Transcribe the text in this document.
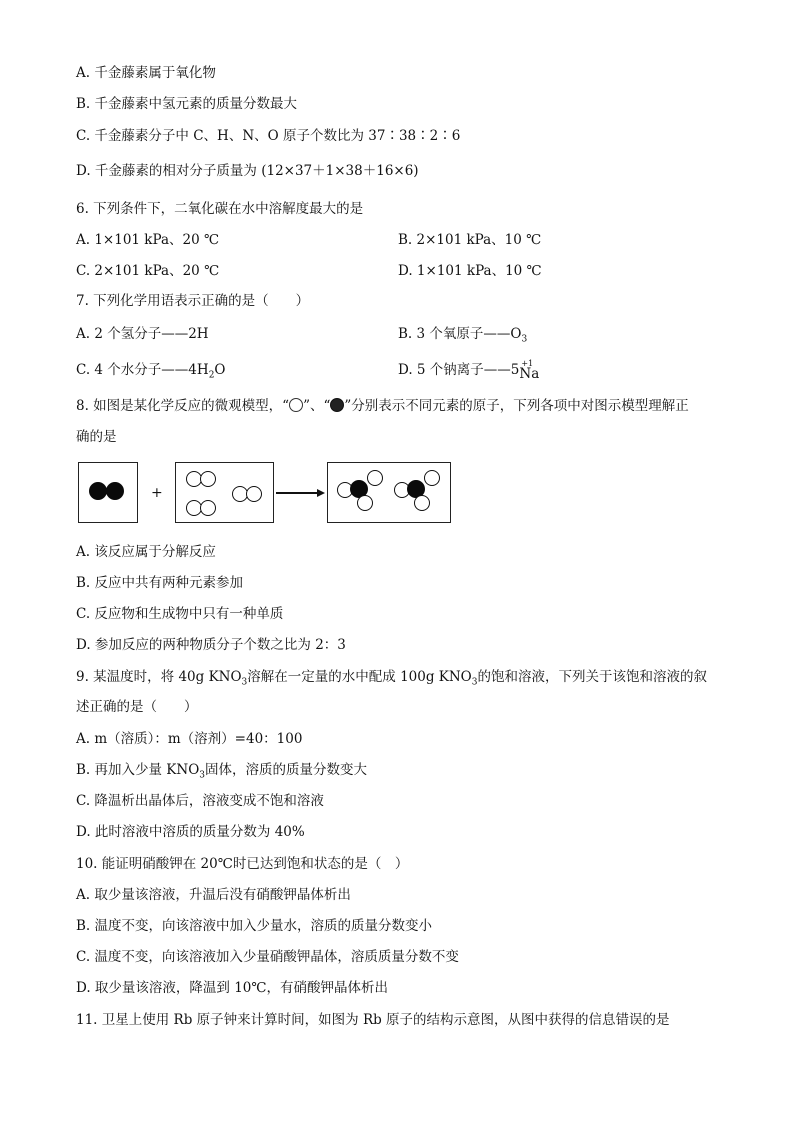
A. 千金藤素属于氧化物
B. 千金藤素中氢元素的质量分数最大
C. 千金藤素分子中 C、H、N、O 原子个数比为 37∶38∶2∶6
D. 千金藤素的相对分子质量为 (12×37＋1×38＋16×6)
6. 下列条件下，二氧化碳在水中溶解度最大的是
A. 1×101 kPa、20 ℃	B. 2×101 kPa、10 ℃
C. 2×101 kPa、20 ℃	D. 1×101 kPa、10 ℃
7. 下列化学用语表示正确的是（　　）
A. 2 个氢分子——2H	B. 3 个氧原子$——O_3$
C. 4 个水分子$——4H_2O$	D. 5 个钠离子——5 +1
Na
8. 如图是某化学反应的微观模型，“ ”、“ ”分别表示不同元素的原子，下列各项中对图示模型理解正
确的是
+
A. 该反应属于分解反应
B. 反应中共有两种元素参加
C. 反应物和生成物中只有一种单质
D. 参加反应的两种物质分子个数之比为 2：3
9. 某温度时，将 40g $KNO_3$溶解在一定量的水中配成 100g $KNO_3$的饱和溶液，下列关于该饱和溶液的叙
述正确的是（　　）
A. m（溶质）：m（溶剂）=40：100
B. 再加入少量 $KNO_3$固体，溶质的质量分数变大
C. 降温析出晶体后，溶液变成不饱和溶液
D. 此时溶液中溶质的质量分数为 40%
10. 能证明硝酸钾在 20℃时已达到饱和状态的是（　）
A. 取少量该溶液，升温后没有硝酸钾晶体析出
B. 温度不变，向该溶液中加入少量水，溶质的质量分数变小
C. 温度不变，向该溶液加入少量硝酸钾晶体，溶质质量分数不变
D. 取少量该溶液，降温到 10℃，有硝酸钾晶体析出
11. 卫星上使用 Rb 原子钟来计算时间，如图为 Rb 原子的结构示意图，从图中获得的信息错误的是
